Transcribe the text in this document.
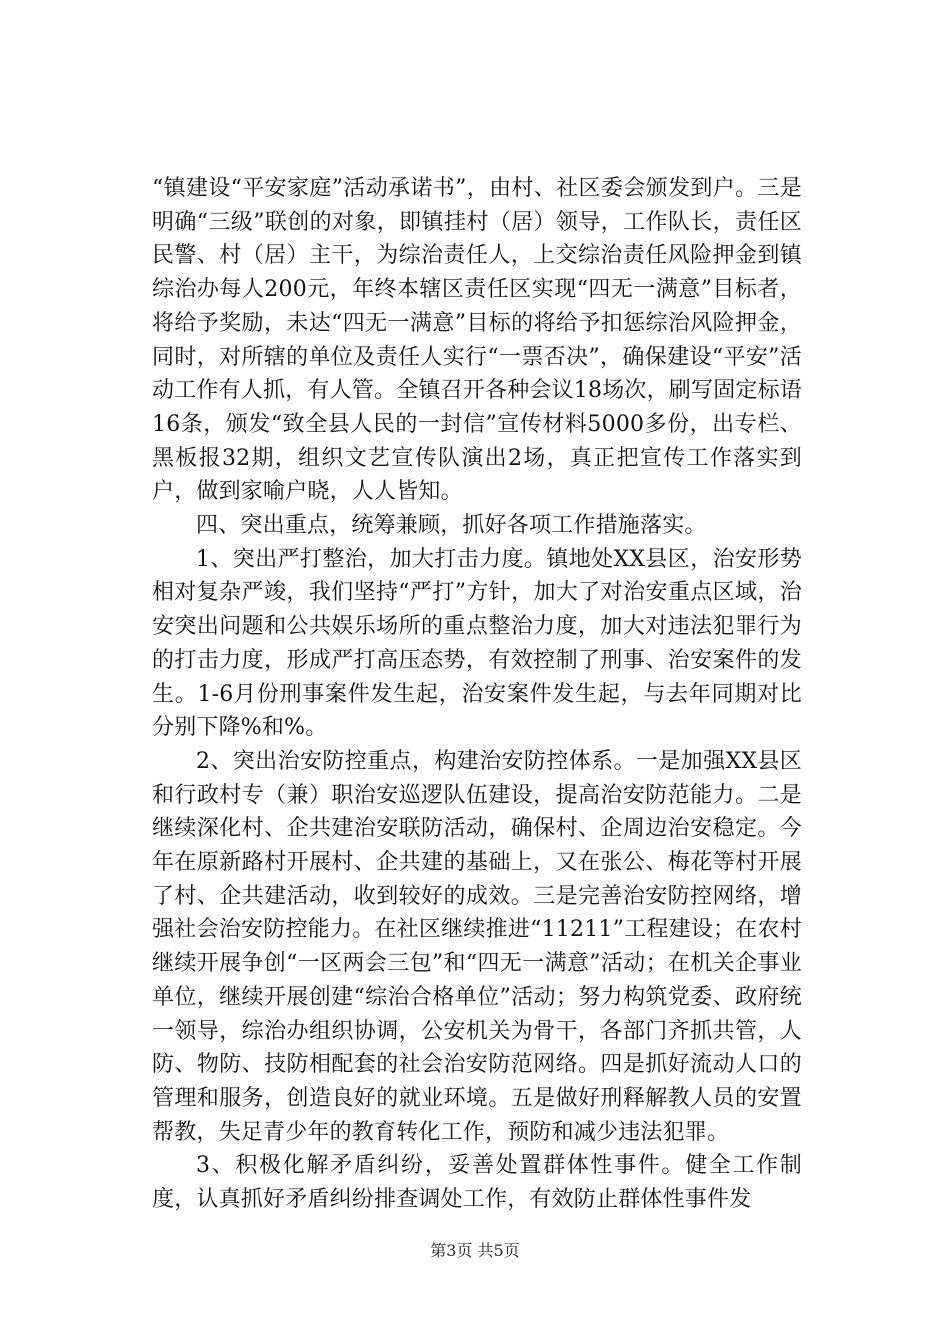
“镇建设“平安家庭”活动承诺书”，由村、社区委会颁发到户。三是明确“三级”联创的对象，即镇挂村（居）领导，工作队长，责任区民警、村（居）主干，为综治责任人，上交综治责任风险押金到镇综治办每人200元，年终本辖区责任区实现“四无一满意”目标者，将给予奖励，未达“四无一满意”目标的将给予扣惩综治风险押金，同时，对所辖的单位及责任人实行“一票否决”，确保建设“平安”活动工作有人抓，有人管。全镇召开各种会议18场次，刷写固定标语16条，颁发“致全县人民的一封信”宣传材料5000多份，出专栏、黑板报32期，组织文艺宣传队演出2场，真正把宣传工作落实到户，做到家喻户晓，人人皆知。

四、突出重点，统筹兼顾，抓好各项工作措施落实。

1、突出严打整治，加大打击力度。镇地处XX县区，治安形势相对复杂严竣，我们坚持“严打”方针，加大了对治安重点区域，治安突出问题和公共娱乐场所的重点整治力度，加大对违法犯罪行为的打击力度，形成严打高压态势，有效控制了刑事、治安案件的发生。1-6月份刑事案件发生起，治安案件发生起，与去年同期对比分别下降%和%。

2、突出治安防控重点，构建治安防控体系。一是加强XX县区和行政村专（兼）职治安巡逻队伍建设，提高治安防范能力。二是继续深化村、企共建治安联防活动，确保村、企周边治安稳定。今年在原新路村开展村、企共建的基础上，又在张公、梅花等村开展了村、企共建活动，收到较好的成效。三是完善治安防控网络，增强社会治安防控能力。在社区继续推进“11211”工程建设；在农村继续开展争创“一区两会三包”和“四无一满意”活动；在机关企事业单位，继续开展创建“综治合格单位”活动；努力构筑党委、政府统一领导，综治办组织协调，公安机关为骨干，各部门齐抓共管，人防、物防、技防相配套的社会治安防范网络。四是抓好流动人口的管理和服务，创造良好的就业环境。五是做好刑释解教人员的安置帮教，失足青少年的教育转化工作，预防和减少违法犯罪。

3、积极化解矛盾纠纷，妥善处置群体性事件。健全工作制度，认真抓好矛盾纠纷排查调处工作，有效防止群体性事件发

第3页 共5页
